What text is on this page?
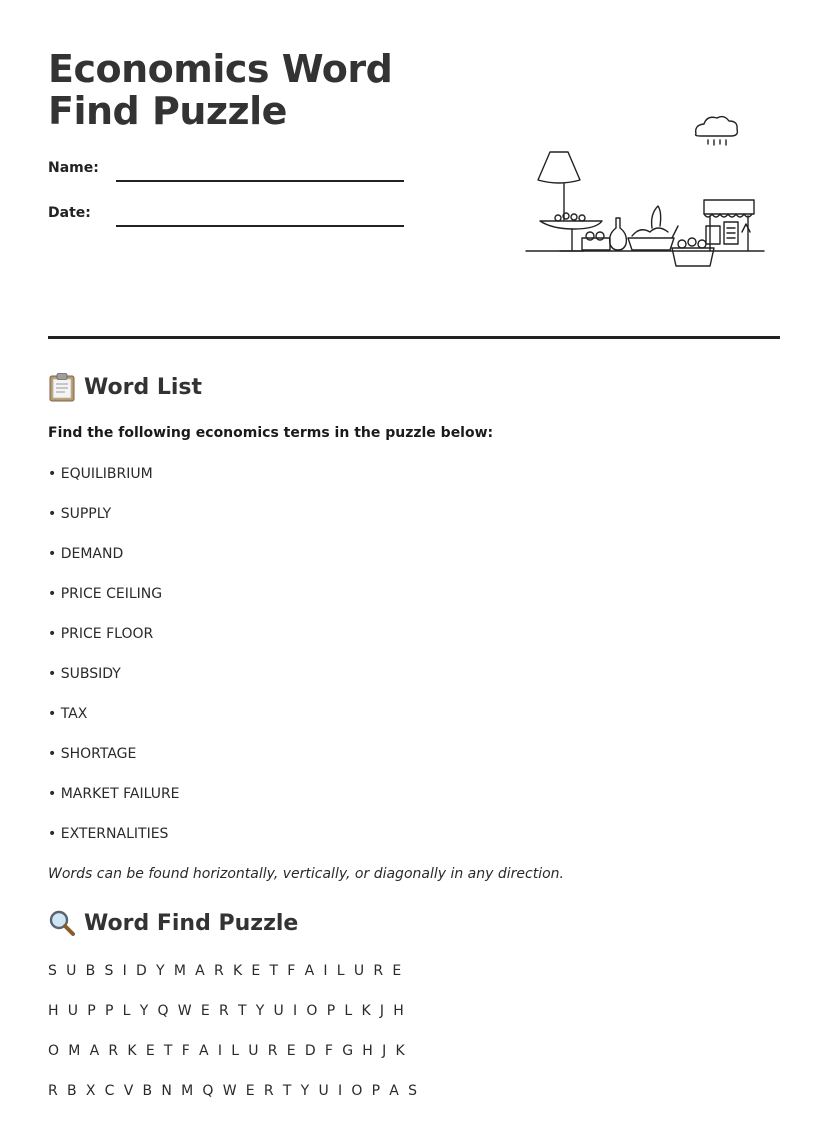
Economics Word Find Puzzle
Name:
Date:
Word List
Find the following economics terms in the puzzle below:
• EQUILIBRIUM
• SUPPLY
• DEMAND
• PRICE CEILING
• PRICE FLOOR
• SUBSIDY
• TAX
• SHORTAGE
• MARKET FAILURE
• EXTERNALITIES
Words can be found horizontally, vertically, or diagonally in any direction.
Word Find Puzzle
S U B S I D Y M A R K E T F A I L U R E
H U P P L Y Q W E R T Y U I O P L K J H
O M A R K E T F A I L U R E D F G H J K
R B X C V B N M Q W E R T Y U I O P A S
